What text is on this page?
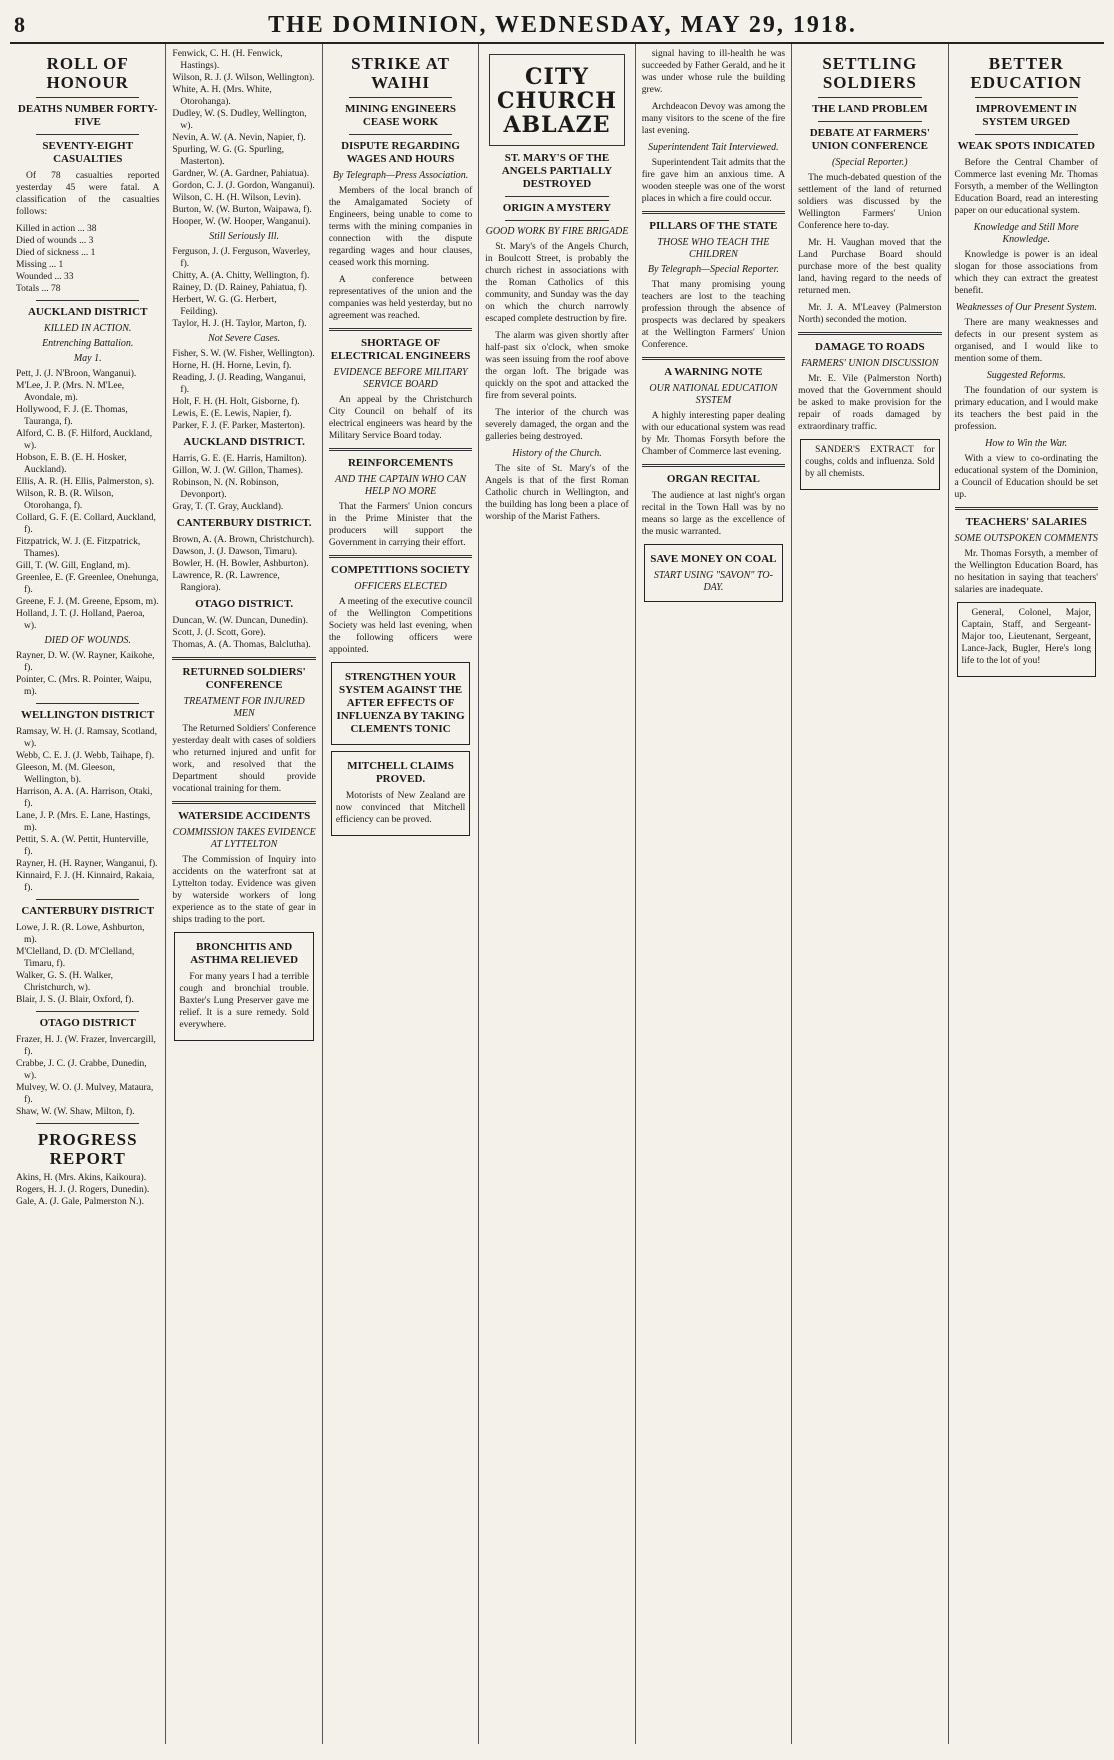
8	THE DOMINION, WEDNESDAY, MAY 29, 1918.
ROLL OF HONOUR
DEATHS NUMBER FORTY-FIVE
SEVENTY-EIGHT CASUALTIES

Of 78 casualties reported yesterday 45 were fatal. A classification of the casualties follows:

Killed in action ... 38
Died of wounds ... 3
Died of sickness ... 1
Missing ... 1
Wounded ... 33
Totals ... 78
AUCKLAND DISTRICT
KILLED IN ACTION.
Entrenching Battalion.
May 1.
Pett, J. (J. N'Broon, Wanganui).
M'Lee, J. P. (Mrs. N. M'Lee, Avondale, m).
Hollywood, F. J. (E. Thomas, Tauranga, f).
Alford, C. B. (F. Hilford, Auckland, w).
Hobson, E. B. (E. H. Hosker, Auckland).
Ellis, A. R. (H. Ellis, Palmerston, s).
Wilson, R. B. (R. Wilson, Otorohanga, f).
Collard, G. F. (E. Collard, Auckland, f).
Fitzpatrick, W. J. (E. Fitzpatrick, Thames).
Gill, T. (W. Gill, England, m).
Greenlee, E. (F. Greenlee, Onehunga, f).
Greene, F. J. (M. Greene, Epsom, m).
Holland, J. T. (J. Holland, Paeroa, w).
DIED OF WOUNDS.
Rayner, D. W. (W. Rayner, Kaikohe, f).
Pointer, C. (Mrs. R. Pointer, Waipu, m).
WELLINGTON DISTRICT
Ramsay, W. H. (J. Ramsay, Scotland, w).
Webb, C. E. J. (J. Webb, Taihape, f).
Gleeson, M. (M. Gleeson, Wellington, b).
Harrison, A. A. (A. Harrison, Otaki, f).
Lane, J. P. (Mrs. E. Lane, Hastings, m).
Pettit, S. A. (W. Pettit, Hunterville, f).
Rayner, H. (H. Rayner, Wanganui, f).
Kinnaird, F. J. (H. Kinnaird, Rakaia, f).
CANTERBURY DISTRICT
Lowe, J. R. (R. Lowe, Ashburton, m).
M'Clelland, D. (D. M'Clelland, Timaru, f).
Walker, G. S. (H. Walker, Christchurch, w).
Blair, J. S. (J. Blair, Oxford, f).
OTAGO DISTRICT
Frazer, H. J. (W. Frazer, Invercargill, f).
Crabbe, J. C. (J. Crabbe, Dunedin, w).
Mulvey, W. O. (J. Mulvey, Mataura, f).
Shaw, W. (W. Shaw, Milton, f).
PROGRESS REPORT
Akins, H. (Mrs. Akins, Kaikoura).
Rogers, H. J. (J. Rogers, Dunedin).
Gale, A. (J. Gale, Palmerston N.).
Fenwick, C. H. (H. Fenwick, Hastings).
Wilson, R. J. (J. Wilson, Wellington).
White, A. H. (Mrs. White, Otorohanga).
Dudley, W. (S. Dudley, Wellington, w).
Nevin, A. W. (A. Nevin, Napier, f).
Spurling, W. G. (G. Spurling, Masterton).
Gardner, W. (A. Gardner, Pahiatua).
Gordon, C. J. (J. Gordon, Wanganui).
Wilson, C. H. (H. Wilson, Levin).
Burton, W. (W. Burton, Waipawa, f).
Hooper, W. (W. Hooper, Wanganui).
Still Seriously Ill.
Ferguson, J. (J. Ferguson, Waverley, f).
Chitty, A. (A. Chitty, Wellington, f).
Rainey, D. (D. Rainey, Pahiatua, f).
Herbert, W. G. (G. Herbert, Feilding).
Taylor, H. J. (H. Taylor, Marton, f).
Not Severe Cases.
Fisher, S. W. (W. Fisher, Wellington).
Horne, H. (H. Horne, Levin, f).
Reading, J. (J. Reading, Wanganui, f).
Holt, F. H. (H. Holt, Gisborne, f).
Lewis, E. (E. Lewis, Napier, f).
Parker, F. J. (F. Parker, Masterton).
AUCKLAND DISTRICT.
Harris, G. E. (E. Harris, Hamilton).
Gillon, W. J. (W. Gillon, Thames).
Robinson, N. (N. Robinson, Devonport).
Gray, T. (T. Gray, Auckland).
CANTERBURY DISTRICT.
Brown, A. (A. Brown, Christchurch).
Dawson, J. (J. Dawson, Timaru).
Bowler, H. (H. Bowler, Ashburton).
Lawrence, R. (R. Lawrence, Rangiora).
OTAGO DISTRICT.
Duncan, W. (W. Duncan, Dunedin).
Scott, J. (J. Scott, Gore).
Thomas, A. (A. Thomas, Balclutha).
RETURNED SOLDIERS' CONFERENCE
TREATMENT FOR INJURED MEN

The Returned Soldiers' Conference yesterday dealt with cases of soldiers who returned injured and unfit for work, and resolved that the Department should provide vocational training for them.

WATERSIDE ACCIDENTS
COMMISSION TAKES EVIDENCE AT LYTTELTON

The Commission of Inquiry into accidents on the waterfront sat at Lyttelton today. Evidence was given by waterside workers of long experience as to the state of gear in ships trading to the port.

BRONCHITIS AND ASTHMA RELIEVED

For many years I had a terrible cough and bronchial trouble. Baxter's Lung Preserver gave me relief. It is a sure remedy. Sold everywhere.

STRIKE AT WAIHI
MINING ENGINEERS CEASE WORK
DISPUTE REGARDING WAGES AND HOURS
By Telegraph—Press Association.

Members of the local branch of the Amalgamated Society of Engineers, being unable to come to terms with the mining companies in connection with the dispute regarding wages and hour clauses, ceased work this morning.

A conference between representatives of the union and the companies was held yesterday, but no agreement was reached.

SHORTAGE OF ELECTRICAL ENGINEERS
EVIDENCE BEFORE MILITARY SERVICE BOARD

An appeal by the Christchurch City Council on behalf of its electrical engineers was heard by the Military Service Board today.

REINFORCEMENTS
AND THE CAPTAIN WHO CAN HELP NO MORE

That the Farmers' Union concurs in the Prime Minister that the producers will support the Government in carrying their effort.

COMPETITIONS SOCIETY
OFFICERS ELECTED

A meeting of the executive council of the Wellington Competitions Society was held last evening, when the following officers were appointed.

STRENGTHEN YOUR SYSTEM AGAINST THE AFTER EFFECTS OF INFLUENZA BY TAKING CLEMENTS TONIC
MITCHELL CLAIMS PROVED.

Motorists of New Zealand are now convinced that Mitchell efficiency can be proved.

CITY CHURCH ABLAZE
ST. MARY'S OF THE ANGELS PARTIALLY DESTROYED
ORIGIN A MYSTERY
GOOD WORK BY FIRE BRIGADE

St. Mary's of the Angels Church, in Boulcott Street, is probably the church richest in associations with the Roman Catholics of this community, and Sunday was the day on which the church narrowly escaped complete destruction by fire.

The alarm was given shortly after half-past six o'clock, when smoke was seen issuing from the roof above the organ loft. The brigade was quickly on the spot and attacked the fire from several points.

The interior of the church was severely damaged, the organ and the galleries being destroyed.

History of the Church.

The site of St. Mary's of the Angels is that of the first Roman Catholic church in Wellington, and the building has long been a place of worship of the Marist Fathers.

signal having to ill-health he was succeeded by Father Gerald, and he it was under whose rule the building grew.

Archdeacon Devoy was among the many visitors to the scene of the fire last evening.

Superintendent Tait Interviewed.

Superintendent Tait admits that the fire gave him an anxious time. A wooden steeple was one of the worst places in which a fire could occur.

PILLARS OF THE STATE
THOSE WHO TEACH THE CHILDREN
By Telegraph—Special Reporter.

That many promising young teachers are lost to the teaching profession through the absence of prospects was declared by speakers at the Wellington Farmers' Union Conference.

A WARNING NOTE
OUR NATIONAL EDUCATION SYSTEM

A highly interesting paper dealing with our educational system was read by Mr. Thomas Forsyth before the Chamber of Commerce last evening.

ORGAN RECITAL

The audience at last night's organ recital in the Town Hall was by no means so large as the excellence of the music warranted.

SAVE MONEY ON COAL
START USING "SAVON" TO-DAY.
SETTLING SOLDIERS
THE LAND PROBLEM
DEBATE AT FARMERS' UNION CONFERENCE
(Special Reporter.)

The much-debated question of the settlement of the land of returned soldiers was discussed by the Wellington Farmers' Union Conference here to-day.

Mr. H. Vaughan moved that the Land Purchase Board should purchase more of the best quality land, having regard to the needs of returned men.

Mr. J. A. M'Leavey (Palmerston North) seconded the motion.

DAMAGE TO ROADS
FARMERS' UNION DISCUSSION

Mr. E. Vile (Palmerston North) moved that the Government should be asked to make provision for the repair of roads damaged by extraordinary traffic.

SANDER'S EXTRACT for coughs, colds and influenza. Sold by all chemists.

BETTER EDUCATION
IMPROVEMENT IN SYSTEM URGED
WEAK SPOTS INDICATED

Before the Central Chamber of Commerce last evening Mr. Thomas Forsyth, a member of the Wellington Education Board, read an interesting paper on our educational system.

Knowledge and Still More Knowledge.

Knowledge is power is an ideal slogan for those associations from which they can extract the greatest benefit.

Weaknesses of Our Present System.

There are many weaknesses and defects in our present system as organised, and I would like to mention some of them.

Suggested Reforms.

The foundation of our system is primary education, and I would make its teachers the best paid in the profession.

How to Win the War.

With a view to co-ordinating the educational system of the Dominion, a Council of Education should be set up.

TEACHERS' SALARIES
SOME OUTSPOKEN COMMENTS

Mr. Thomas Forsyth, a member of the Wellington Education Board, has no hesitation in saying that teachers' salaries are inadequate.

General, Colonel, Major, Captain, Staff, and Sergeant-Major too, Lieutenant, Sergeant, Lance-Jack, Bugler, Here's long life to the lot of you!
